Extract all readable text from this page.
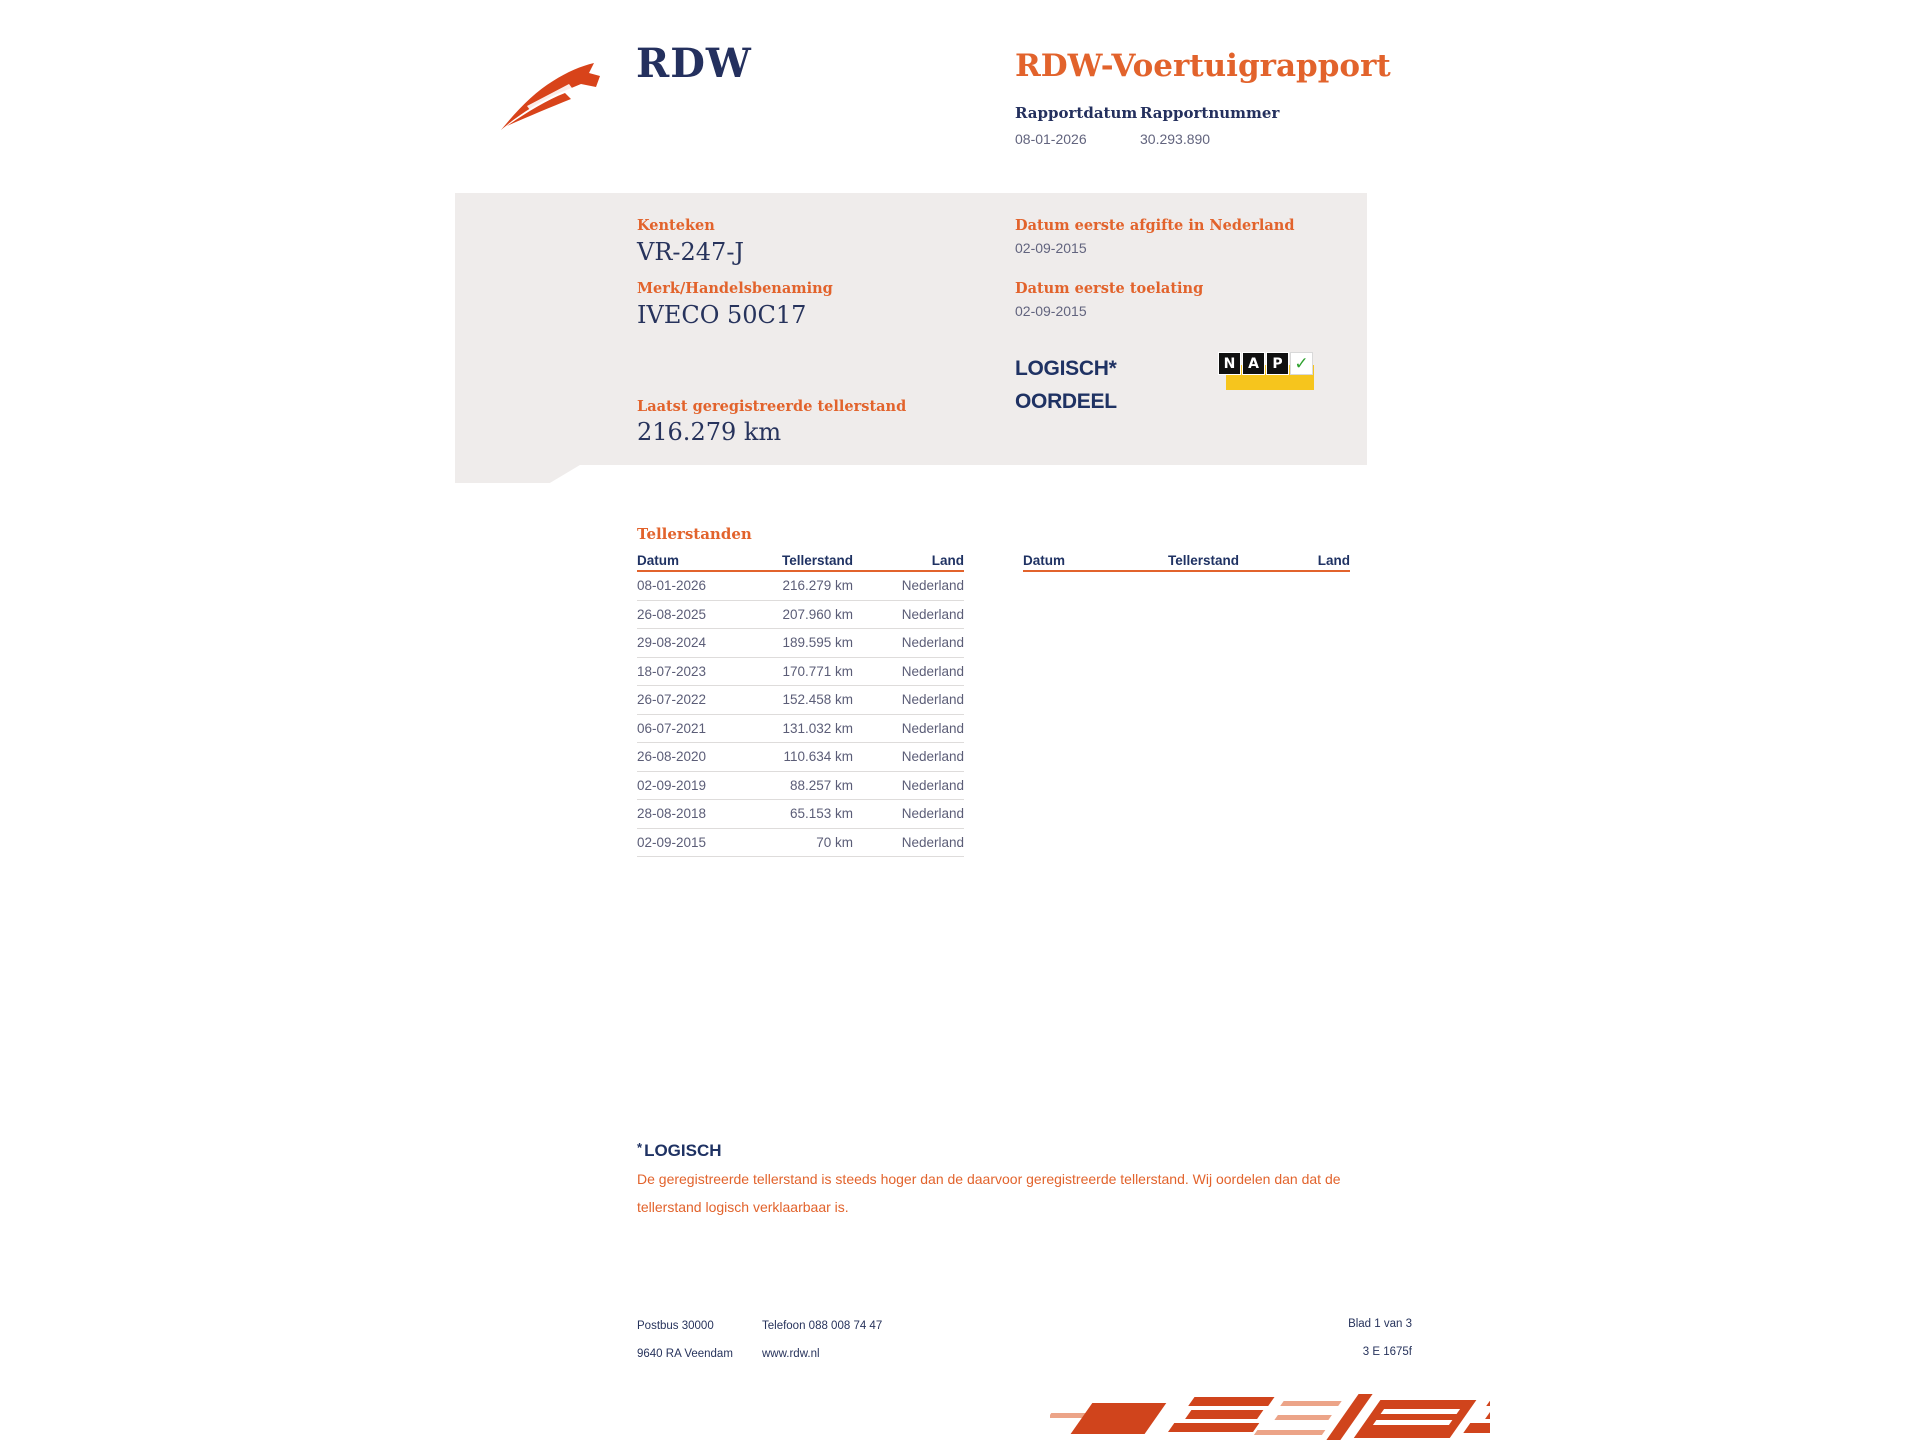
RDW	RDW-Voertuigrapport
Rapportdatum Rapportnummer
08-01-2026	30.293.890
Kenteken
VR-247-J
Merk/Handelsbenaming
IVECO 50C17
Datum eerste afgifte in Nederland
02-09-2015
Datum eerste toelating
02-09-2015
LOGISCH*
OORDEEL
N A P ✓
Laatst geregistreerde tellerstand
216.279 km
Tellerstanden
Datum	Tellerstand	Land
08-01-2026	216.279 km	Nederland
26-08-2025	207.960 km	Nederland
29-08-2024	189.595 km	Nederland
18-07-2023	170.771 km	Nederland
26-07-2022	152.458 km	Nederland
06-07-2021	131.032 km	Nederland
26-08-2020	110.634 km	Nederland
02-09-2019	88.257 km	Nederland
28-08-2018	65.153 km	Nederland
02-09-2015	70 km	Nederland
Datum	Tellerstand	Land
* LOGISCH
De geregistreerde tellerstand is steeds hoger dan de daarvoor geregistreerde tellerstand. Wij oordelen dan dat de tellerstand logisch verklaarbaar is.
Postbus 30000
9640 RA Veendam
Telefoon 088 008 74 47
www.rdw.nl
Blad 1 van 3
3 E 1675f
